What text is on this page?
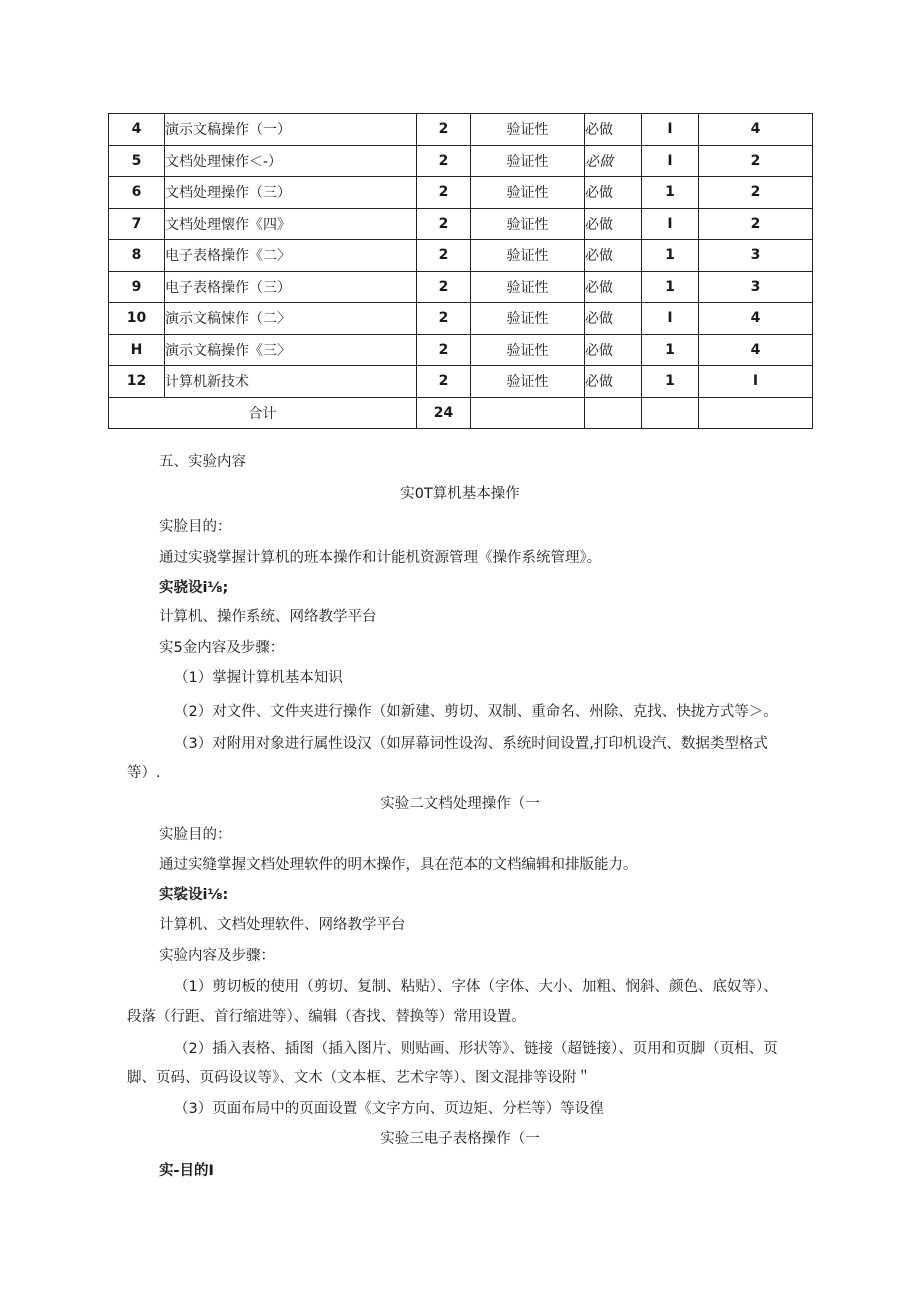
4	演示文稿操作（一）	2	验证性	必做	I	4
5	文档处理悚作＜-）	2	验证性	必做	I	2
6	文档处理操作（三）	2	验证性	必做	1	2
7	文档处理懐作《四》	2	验证性	必做	I	2
8	电子表格操作《二〉	2	验证性	必做	1	3
9	电子表格操作（三）	2	验证性	必做	1	3
10	演示文稿悚作（二〉	2	验证性	必做	I	4
H	演示文稿操作《三〉	2	验证性	必做	1	4
12	计算机新技术	2	验证性	必做	1	I
合计		24				
五、实验内容
实0T算机基本操作
实脸目的：
通过实骁掌握计算机的班本操作和计能机资源管理《操作系统管理》。
实骁设i⅛;
计算机、操作系统、网络教学平台
实5金内容及步骤：
（1）掌握计算机基本知识
（2）对文件、文件夹进行操作（如新建、剪切、双制、重命名、州除、克找、快拢方式等＞。
（3）对附用对象进行属性设汉（如屏幕词性设沟、系统时间设置,打印机设汽、数据类型格式
等）.
实验二文档处理操作（一
实脸目的：
通过实缝掌握文档处理软件的明木操作，具在范本的文档编辑和排版能力。
实裟设i⅛:
计算机、文档处理软件、网络教学平台
实验内容及步骤：
（1）剪切板的使用（剪切、复制、粘贴）、字体（字体、大小、加粗、悯斜、颜色、底奴等）、
段落（行距、首行缩进等）、编辑（杳找、替换等）常用设置。
（2）插入表格、插图（插入图片、则贴画、形状等》、链接（超链接）、页用和页脚（页相、页
脚、页码、页码设议等》、文木（文本框、艺术字等）、图文混排等设附＂
（3）页面布局中的页面设置《文字方向、页边矩、分栏等）等设徨
实验三电子表格操作（一
实-目的I
